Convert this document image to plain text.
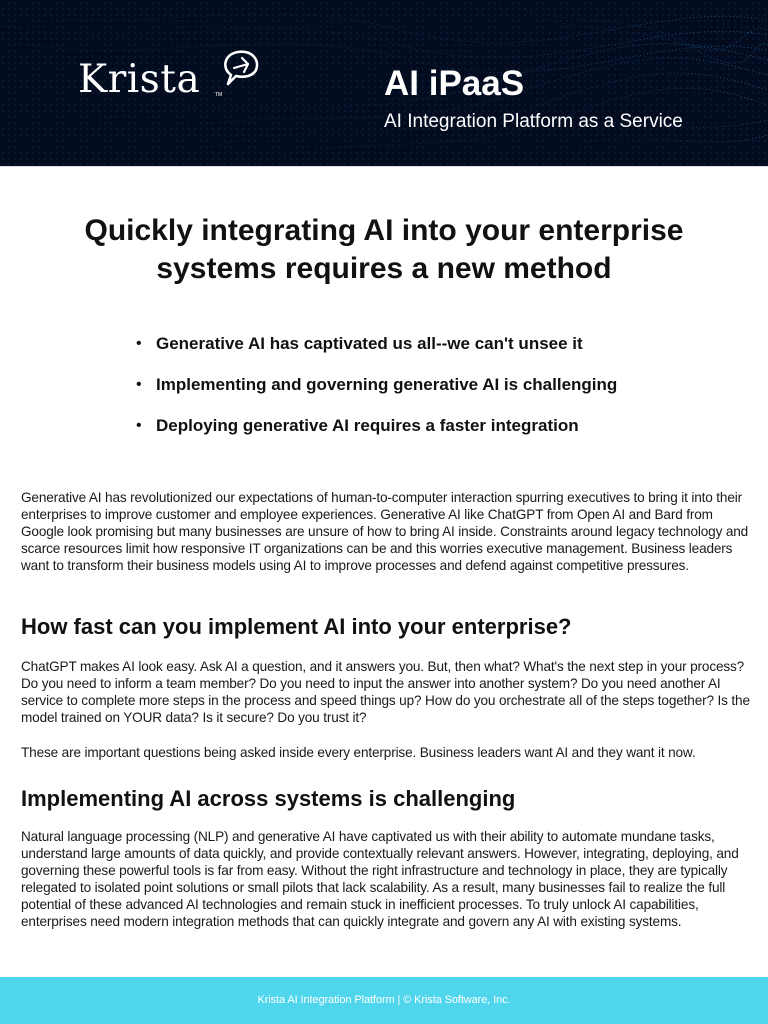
Krista	TM	AI iPaaS
AI Integration Platform as a Service
Quickly integrating AI into your enterprise
systems requires a new method
• Generative AI has captivated us all--we can't unsee it
• Implementing and governing generative AI is challenging
• Deploying generative AI requires a faster integration

Generative AI has revolutionized our expectations of human-to-computer interaction spurring executives to bring it into their enterprises to improve customer and employee experiences. Generative AI like ChatGPT from Open AI and Bard from Google look promising but many businesses are unsure of how to bring AI inside. Constraints around legacy technology and scarce resources limit how responsive IT organizations can be and this worries executive management. Business leaders want to transform their business models using AI to improve processes and defend against competitive pressures.

How fast can you implement AI into your enterprise?

ChatGPT makes AI look easy. Ask AI a question, and it answers you. But, then what? What's the next step in your process? Do you need to inform a team member? Do you need to input the answer into another system? Do you need another AI service to complete more steps in the process and speed things up? How do you orchestrate all of the steps together? Is the model trained on YOUR data? Is it secure? Do you trust it?

These are important questions being asked inside every enterprise. Business leaders want AI and they want it now.

Implementing AI across systems is challenging

Natural language processing (NLP) and generative AI have captivated us with their ability to automate mundane tasks, understand large amounts of data quickly, and provide contextually relevant answers. However, integrating, deploying, and governing these powerful tools is far from easy. Without the right infrastructure and technology in place, they are typically relegated to isolated point solutions or small pilots that lack scalability. As a result, many businesses fail to realize the full potential of these advanced AI technologies and remain stuck in inefficient processes. To truly unlock AI capabilities, enterprises need modern integration methods that can quickly integrate and govern any AI with existing systems.

Krista AI Integration Platform | © Krista Software, Inc.
